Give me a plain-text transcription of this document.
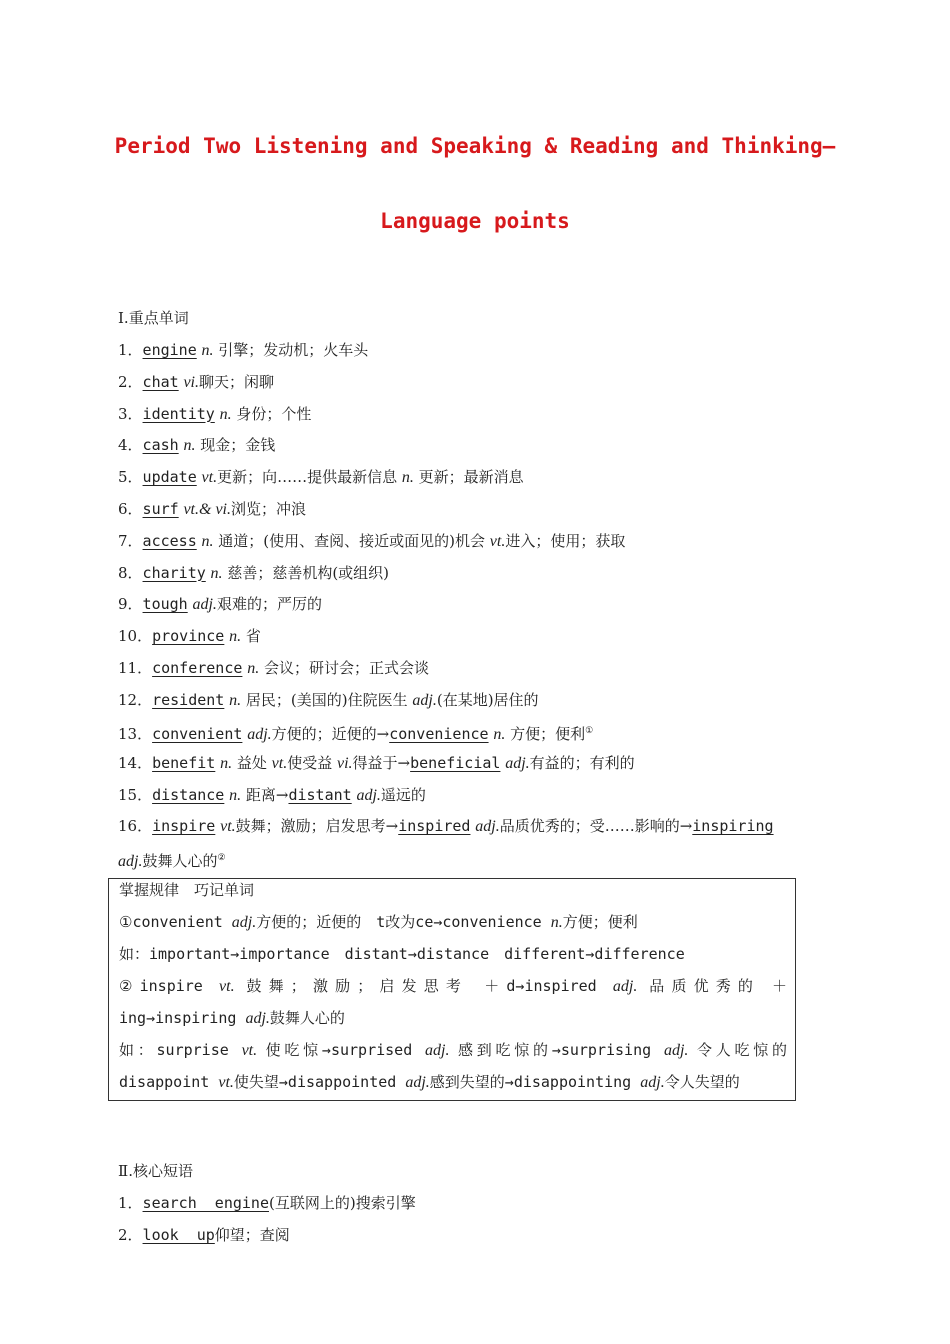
Period Two Listening and Speaking & Reading and Thinking—
Language points
Ⅰ.重点单词
1．engine n. 引擎；发动机；火车头
2．chat vi.聊天；闲聊
3．identity n. 身份；个性
4．cash n. 现金；金钱
5．update vt.更新；向……提供最新信息 n. 更新；最新消息
6．surf vt.& vi.浏览；冲浪
7．access n. 通道；(使用、查阅、接近或面见的)机会 vt.进入；使用；获取
8．charity n. 慈善；慈善机构(或组织)
9．tough adj.艰难的；严厉的
10．province n. 省
11．conference n. 会议；研讨会；正式会谈
12．resident n. 居民；(美国的)住院医生 adj.(在某地)居住的
13．convenient adj.方便的；近便的→convenience n. 方便；便利①
14．benefit n. 益处 vt.使受益 vi.得益于→beneficial adj.有益的；有利的
15．distance n. 距离→distant adj.遥远的
16．inspire vt.鼓舞；激励；启发思考→inspired adj.品质优秀的；受……影响的→inspiring
adj.鼓舞人心的②
掌握规律　巧记单词
①convenient adj.方便的；近便的　t改为ce→convenience n.方便；便利
如：important→importance　distant→distance　different→difference
②inspire vt. 鼓舞；激励；启发思考 ＋d→inspired adj. 品质优秀的 ＋
ing→inspiring adj.鼓舞人心的
如：surprise vt. 使吃惊→surprised adj. 感到吃惊的→surprising adj. 令人吃惊的
disappoint vt.使失望→disappointed adj.感到失望的→disappointing adj.令人失望的
Ⅱ.核心短语
1．search  engine(互联网上的)搜索引擎
2．look  up仰望；查阅
